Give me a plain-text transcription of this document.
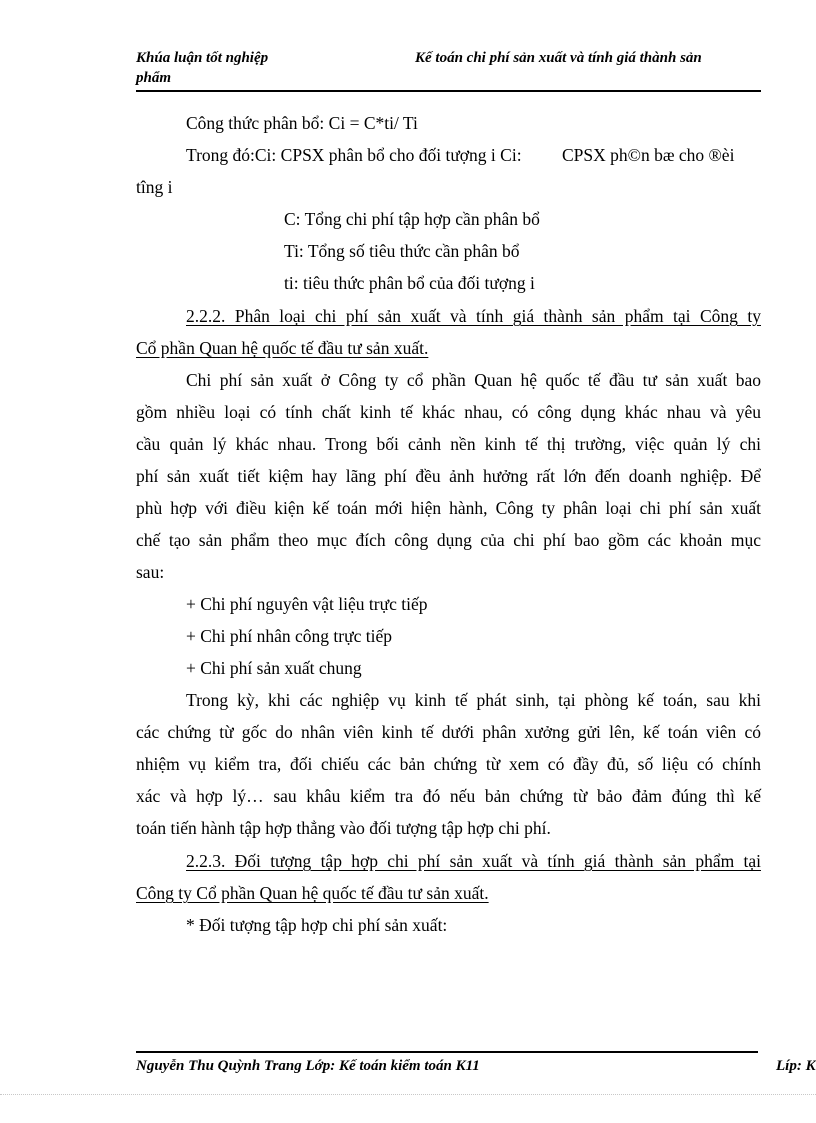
Khúa luận tốt nghiệp
phẩm
Kế toán chi phí sản xuất và tính giá thành sản
Công thức phân bổ: Ci = C*ti/ Ti
Trong đó:Ci: CPSX phân bổ cho đối tượng i Ci: CPSX ph©n bæ cho ®èi
tîng i
C: Tổng chi phí tập hợp cần phân bổ
Ti: Tổng số tiêu thức cần phân bổ
ti: tiêu thức phân bổ của đối tượng i
2.2.2. Phân loại chi phí sản xuất và tính giá thành sản phẩm tại Công ty
Cổ phần Quan hệ quốc tế đầu tư sản xuất.
Chi phí sản xuất ở Công ty cổ phần Quan hệ quốc tế đầu tư sản xuất bao
gồm nhiều loại có tính chất kinh tế khác nhau, có công dụng khác nhau và yêu
cầu quản lý khác nhau. Trong bối cảnh nền kinh tế thị trường, việc quản lý chi
phí sản xuất tiết kiệm hay lãng phí đều ảnh hưởng rất lớn đến doanh nghiệp. Để
phù hợp với điều kiện kế toán mới hiện hành, Công ty phân loại chi phí sản xuất
chế tạo sản phẩm theo mục đích công dụng của chi phí bao gồm các khoản mục
sau:
+ Chi phí nguyên vật liệu trực tiếp
+ Chi phí nhân công trực tiếp
+ Chi phí sản xuất chung
Trong kỳ, khi các nghiệp vụ kinh tế phát sinh, tại phòng kế toán, sau khi
các chứng từ gốc do nhân viên kinh tế dưới phân xưởng gửi lên, kế toán viên có
nhiệm vụ kiểm tra, đối chiếu các bản chứng từ xem có đầy đủ, số liệu có chính
xác và hợp lý… sau khâu kiểm tra đó nếu bản chứng từ bảo đảm đúng thì kế
toán tiến hành tập hợp thẳng vào đối tượng tập hợp chi phí.
2.2.3. Đối tượng tập hợp chi phí sản xuất và tính giá thành sản phẩm tại
Công ty Cổ phần Quan hệ quốc tế đầu tư sản xuất.
* Đối tượng tập hợp chi phí sản xuất:
Nguyễn Thu Quỳnh Trang Lớp: Kế toán kiểm toán K11	Líp: K
